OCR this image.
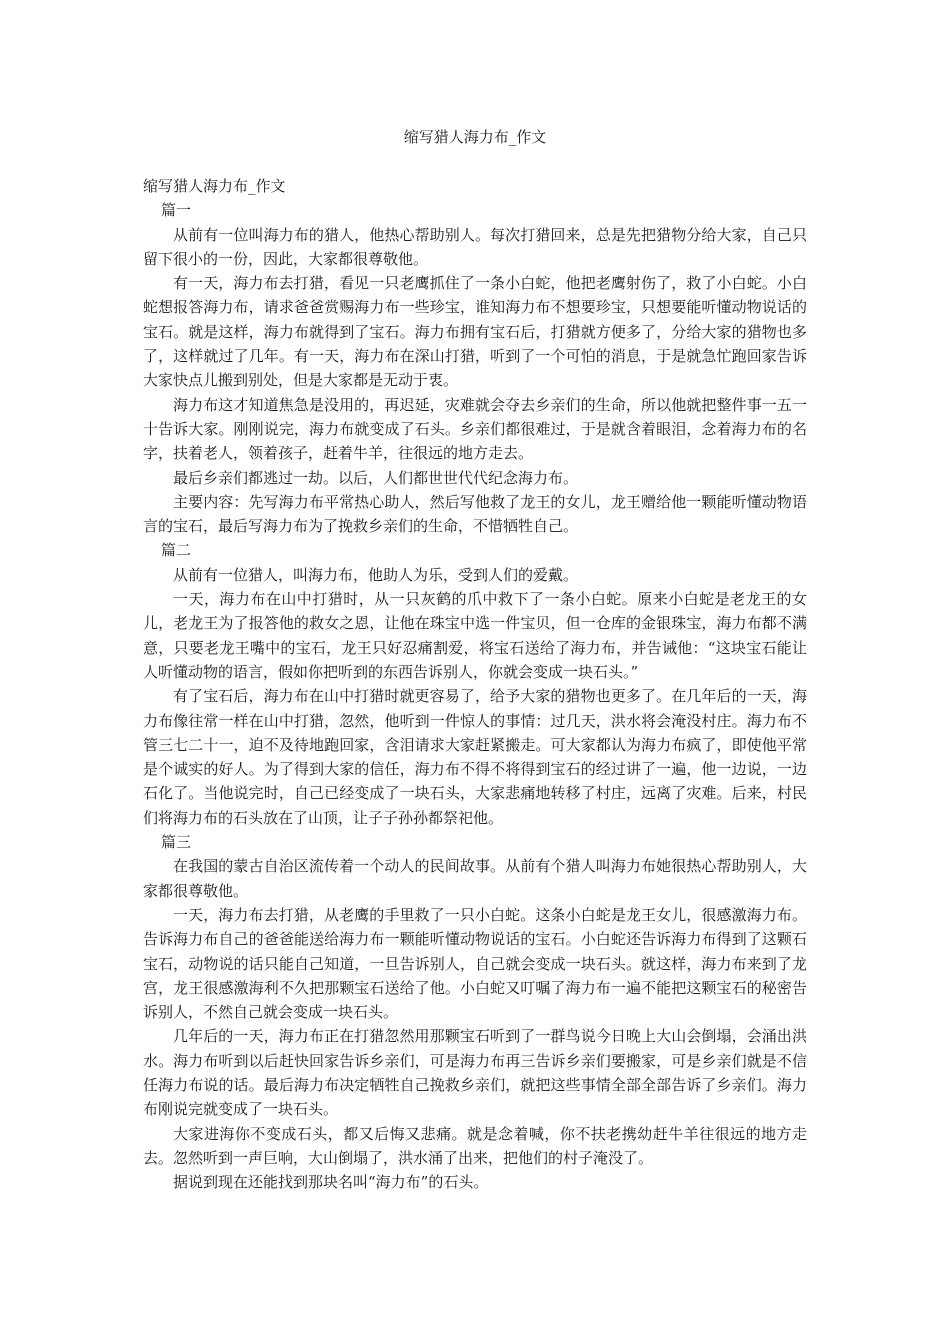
缩写猎人海力布_作文

缩写猎人海力布_作文

篇一

从前有一位叫海力布的猎人，他热心帮助别人。每次打猎回来，总是先把猎物分给大家，自己只留下很小的一份，因此，大家都很尊敬他。

有一天，海力布去打猎，看见一只老鹰抓住了一条小白蛇，他把老鹰射伤了，救了小白蛇。小白蛇想报答海力布，请求爸爸赏赐海力布一些珍宝，谁知海力布不想要珍宝，只想要能听懂动物说话的宝石。就是这样，海力布就得到了宝石。海力布拥有宝石后，打猎就方便多了，分给大家的猎物也多了，这样就过了几年。有一天，海力布在深山打猎，听到了一个可怕的消息，于是就急忙跑回家告诉大家快点儿搬到别处，但是大家都是无动于衷。

海力布这才知道焦急是没用的，再迟延，灾难就会夺去乡亲们的生命，所以他就把整件事一五一十告诉大家。刚刚说完，海力布就变成了石头。乡亲们都很难过，于是就含着眼泪，念着海力布的名字，扶着老人，领着孩子，赶着牛羊，往很远的地方走去。

最后乡亲们都逃过一劫。以后，人们都世世代代纪念海力布。

主要内容：先写海力布平常热心助人，然后写他救了龙王的女儿，龙王赠给他一颗能听懂动物语言的宝石，最后写海力布为了挽救乡亲们的生命，不惜牺牲自己。

篇二

从前有一位猎人，叫海力布，他助人为乐，受到人们的爱戴。

一天，海力布在山中打猎时，从一只灰鹤的爪中救下了一条小白蛇。原来小白蛇是老龙王的女儿，老龙王为了报答他的救女之恩，让他在珠宝中选一件宝贝，但一仓库的金银珠宝，海力布都不满意，只要老龙王嘴中的宝石，龙王只好忍痛割爱，将宝石送给了海力布，并告诫他：“这块宝石能让人听懂动物的语言，假如你把听到的东西告诉别人，你就会变成一块石头。”

有了宝石后，海力布在山中打猎时就更容易了，给予大家的猎物也更多了。在几年后的一天，海力布像往常一样在山中打猎，忽然，他听到一件惊人的事情：过几天，洪水将会淹没村庄。海力布不管三七二十一，迫不及待地跑回家，含泪请求大家赶紧搬走。可大家都认为海力布疯了，即使他平常是个诚实的好人。为了得到大家的信任，海力布不得不将得到宝石的经过讲了一遍，他一边说，一边石化了。当他说完时，自己已经变成了一块石头，大家悲痛地转移了村庄，远离了灾难。后来，村民们将海力布的石头放在了山顶，让子子孙孙都祭祀他。

篇三

在我国的蒙古自治区流传着一个动人的民间故事。从前有个猎人叫海力布她很热心帮助别人，大家都很尊敬他。

一天，海力布去打猎，从老鹰的手里救了一只小白蛇。这条小白蛇是龙王女儿，很感激海力布。告诉海力布自己的爸爸能送给海力布一颗能听懂动物说话的宝石。小白蛇还告诉海力布得到了这颗石宝石，动物说的话只能自己知道，一旦告诉别人，自己就会变成一块石头。就这样，海力布来到了龙宫，龙王很感激海利不久把那颗宝石送给了他。小白蛇又叮嘱了海力布一遍不能把这颗宝石的秘密告诉别人，不然自己就会变成一块石头。

几年后的一天，海力布正在打猎忽然用那颗宝石听到了一群鸟说今日晚上大山会倒塌，会涌出洪水。海力布听到以后赶快回家告诉乡亲们，可是海力布再三告诉乡亲们要搬家，可是乡亲们就是不信任海力布说的话。最后海力布决定牺牲自己挽救乡亲们，就把这些事情全部全部告诉了乡亲们。海力布刚说完就变成了一块石头。

大家进海你不变成石头，都又后悔又悲痛。就是念着喊，你不扶老携幼赶牛羊往很远的地方走去。忽然听到一声巨响，大山倒塌了，洪水涌了出来，把他们的村子淹没了。

据说到现在还能找到那块名叫“海力布”的石头。
